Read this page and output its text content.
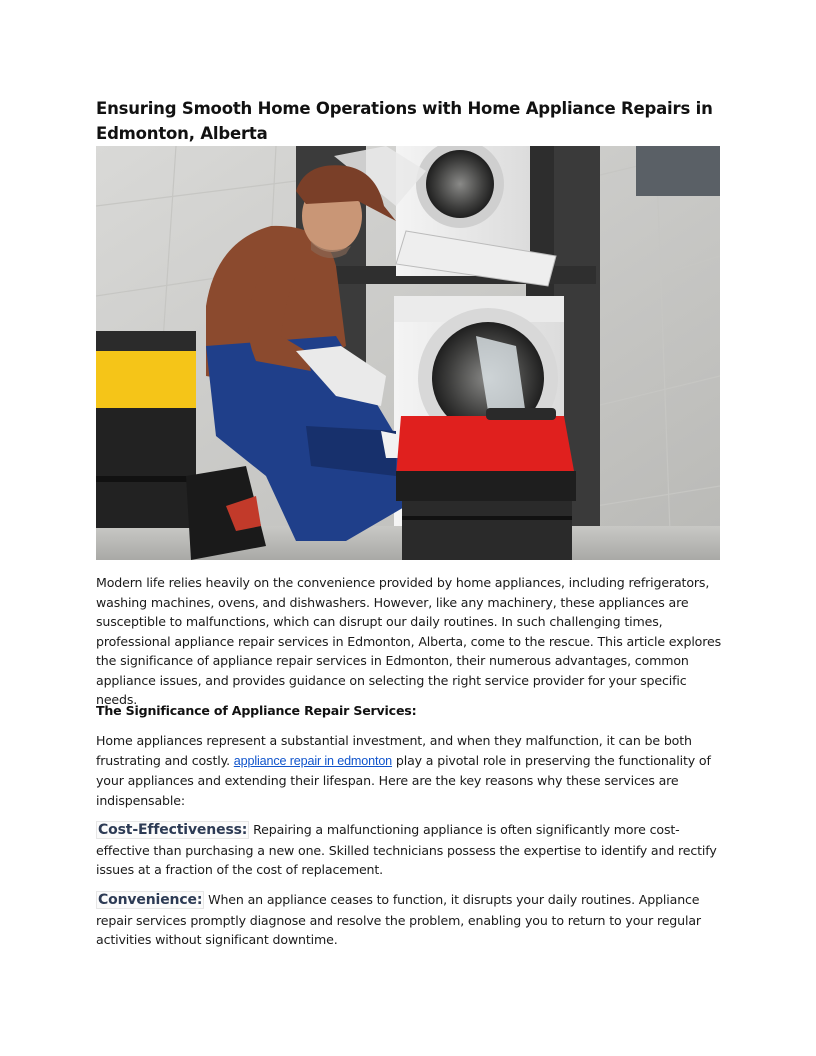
Ensuring Smooth Home Operations with Home Appliance Repairs in Edmonton, Alberta

Modern life relies heavily on the convenience provided by home appliances, including refrigerators, washing machines, ovens, and dishwashers. However, like any machinery, these appliances are susceptible to malfunctions, which can disrupt our daily routines. In such challenging times, professional appliance repair services in Edmonton, Alberta, come to the rescue. This article explores the significance of appliance repair services in Edmonton, their numerous advantages, common appliance issues, and provides guidance on selecting the right service provider for your specific needs.

The Significance of Appliance Repair Services:

Home appliances represent a substantial investment, and when they malfunction, it can be both frustrating and costly. appliance repair in edmonton play a pivotal role in preserving the functionality of your appliances and extending their lifespan. Here are the key reasons why these services are indispensable:

Cost-Effectiveness: Repairing a malfunctioning appliance is often significantly more cost-effective than purchasing a new one. Skilled technicians possess the expertise to identify and rectify issues at a fraction of the cost of replacement.

Convenience: When an appliance ceases to function, it disrupts your daily routines. Appliance repair services promptly diagnose and resolve the problem, enabling you to return to your regular activities without significant downtime.
